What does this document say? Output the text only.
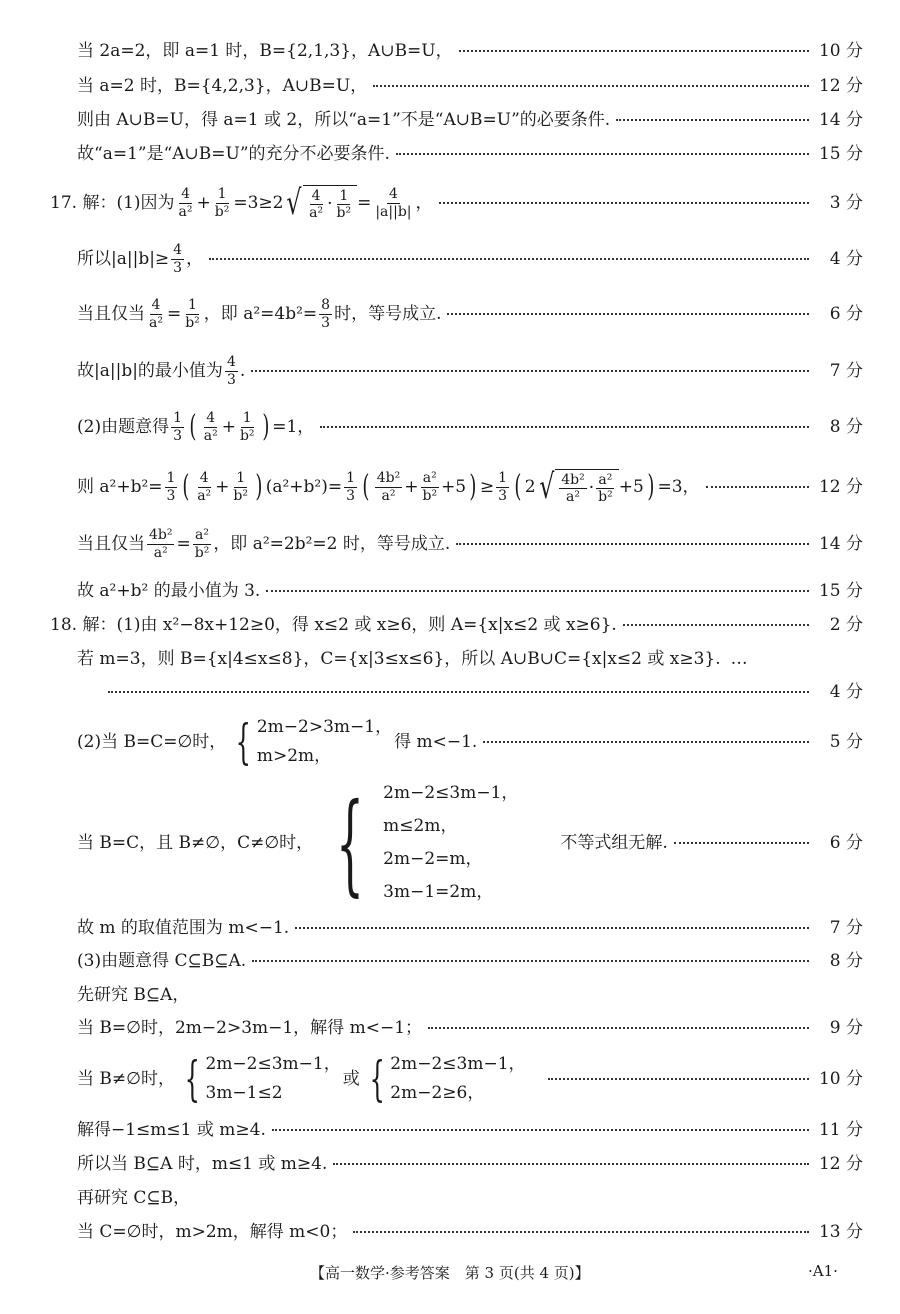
当 2a=2，即 a=1 时，B={2,1,3}，A∪B=U，	10 分
当 a=2 时，B={4,2,3}，A∪B=U，	12 分
则由 A∪B=U，得 a=1 或 2，所以“a=1”不是“A∪B=U”的必要条件.	14 分
故“a=1”是“A∪B=U”的充分不必要条件.	15 分
17. 解： (1)因为 $\frac{4}{\text{a²}} + \frac{1}{\text{b²}} =3\ge 2$ √ $\frac{4}{\text{a²}} \cdot \frac{1}{\text{b²}} = \frac{4}{|a||b|}$ ，	3 分
所以$|a||b|\ge \frac{4}{3}$ ，	4 分
当且仅当 $\frac{4}{\text{a²}} = \frac{1}{\text{b²}}$ ，即 $a^2=4b^2= \frac{8}{3}$ 时，等号成立.	6 分
故|a||b|的最小值为 $\frac{4}{3}$ .	7 分
(2)由题意得 $\frac{1}{3}$ ( $\frac{4}{\text{a²}} + \frac{1}{\text{b²}}$ ) =1，	8 分
则 $a^2+b^2= \frac{1}{3}$ ( $\frac{4}{\text{a²}} + \frac{1}{\text{b²}}$ ) $(a^2+b^2)= \frac{1}{3}$ ( $\frac{\text{4b²}}{\text{a²}} + \frac{\text{a²}}{\text{b²}} +5$ ) ≥ $\frac{1}{3}$ ( 2 √ $\frac{\text{4b²}}{\text{a²}} \cdot \frac{\text{a²}}{\text{b²}} +5$ ) =3，	12 分
当且仅当 $\frac{\text{4b²}}{\text{a²}} = \frac{\text{a²}}{\text{b²}}$ ，即 a²=2b²=2 时，等号成立.	14 分
故 a²+b² 的最小值为 3.	15 分
18. 解： (1)由 x²−8x+12≥0，得 x≤2 或 x≥6，则 A={x|x≤2 或 x≥6}.	2 分
若 m=3，则 B={x|4≤x≤8}，C={x|3≤x≤6}，所以 A∪B∪C={x|x≤2 或 x≥3}. …
4 分
(2)当 B=C=∅时， { 2m−2>3m−1，
m>2m，
得 m<−1.	5 分
当 B=C，且 B≠∅，C≠∅时， { 2m−2≤3m−1，
m≤2m，
2m−2=m，
3m−1=2m，
不等式组无解.	6 分
故 m 的取值范围为 m<−1.	7 分
(3)由题意得 C⊆B⊆A.	8 分
先研究 B⊆A，
当 B=∅时，2m−2>3m−1，解得 m<−1；	9 分
当 B≠∅时， { 2m−2≤3m−1，
3m−1≤2
或 { 2m−2≤3m−1，
2m−2≥6，
10 分
解得−1≤m≤1 或 m≥4.	11 分
所以当 B⊆A 时，m≤1 或 m≥4.	12 分
再研究 C⊆B，
当 C=∅时，m>2m，解得 m<0；	13 分
【高一数学·参考答案　第 3 页(共 4 页)】	·A1·
